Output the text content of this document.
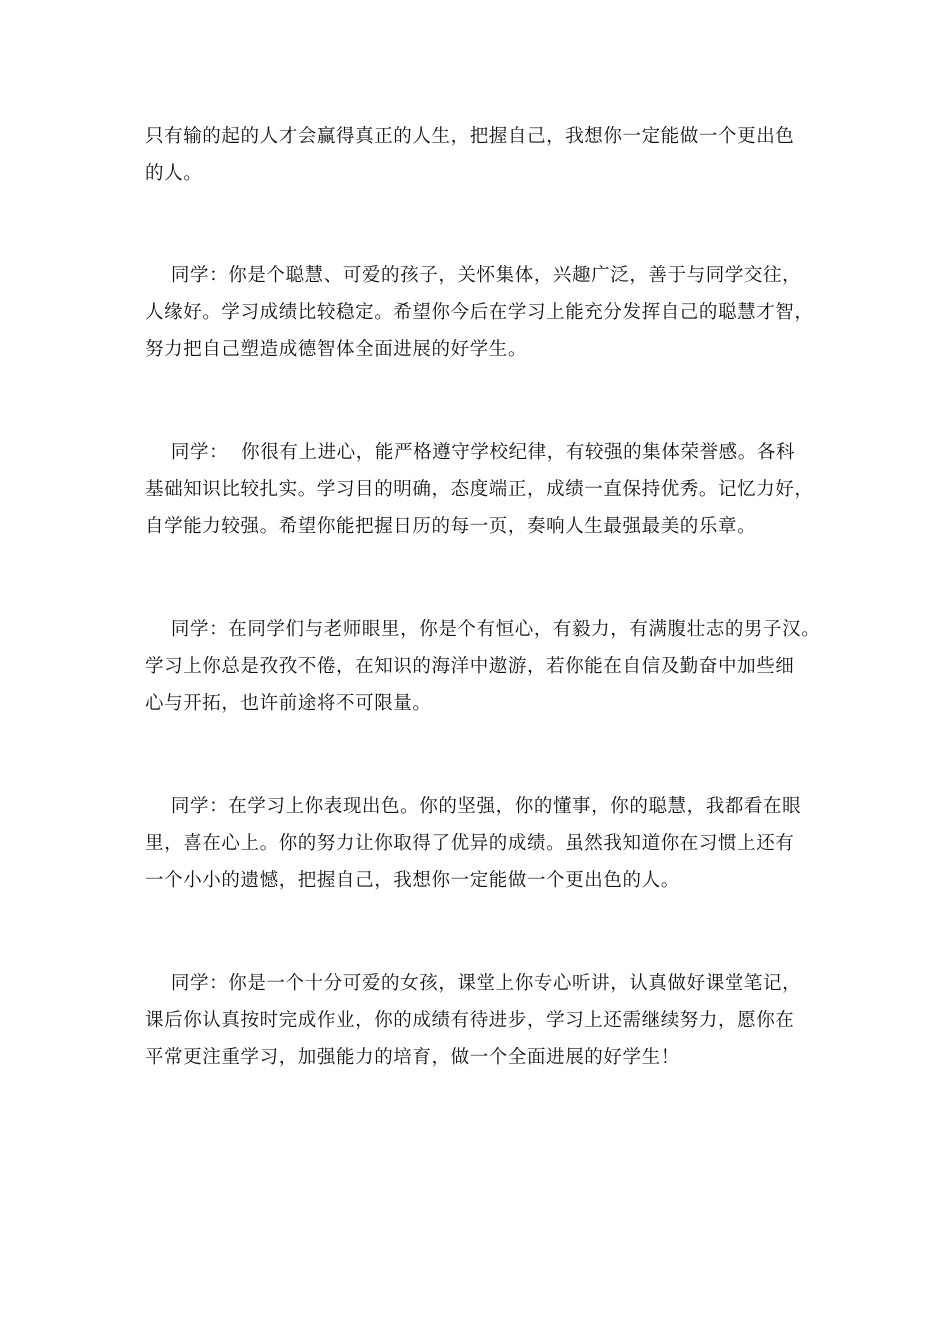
只有输的起的人才会赢得真正的人生，把握自己，我想你一定能做一个更出色
的人。
同学：你是个聪慧、可爱的孩子，关怀集体，兴趣广泛，善于与同学交往，
人缘好。学习成绩比较稳定。希望你今后在学习上能充分发挥自己的聪慧才智，
努力把自己塑造成德智体全面进展的好学生。
同学：  你很有上进心，能严格遵守学校纪律，有较强的集体荣誉感。各科
基础知识比较扎实。学习目的明确，态度端正，成绩一直保持优秀。记忆力好，
自学能力较强。希望你能把握日历的每一页，奏响人生最强最美的乐章。
同学：在同学们与老师眼里，你是个有恒心，有毅力，有满腹壮志的男子汉。
学习上你总是孜孜不倦，在知识的海洋中遨游，若你能在自信及勤奋中加些细
心与开拓，也许前途将不可限量。
同学：在学习上你表现出色。你的坚强，你的懂事，你的聪慧，我都看在眼
里，喜在心上。你的努力让你取得了优异的成绩。虽然我知道你在习惯上还有
一个小小的遗憾，把握自己，我想你一定能做一个更出色的人。
同学：你是一个十分可爱的女孩，课堂上你专心听讲，认真做好课堂笔记，
课后你认真按时完成作业，你的成绩有待进步，学习上还需继续努力，愿你在
平常更注重学习，加强能力的培育，做一个全面进展的好学生！
